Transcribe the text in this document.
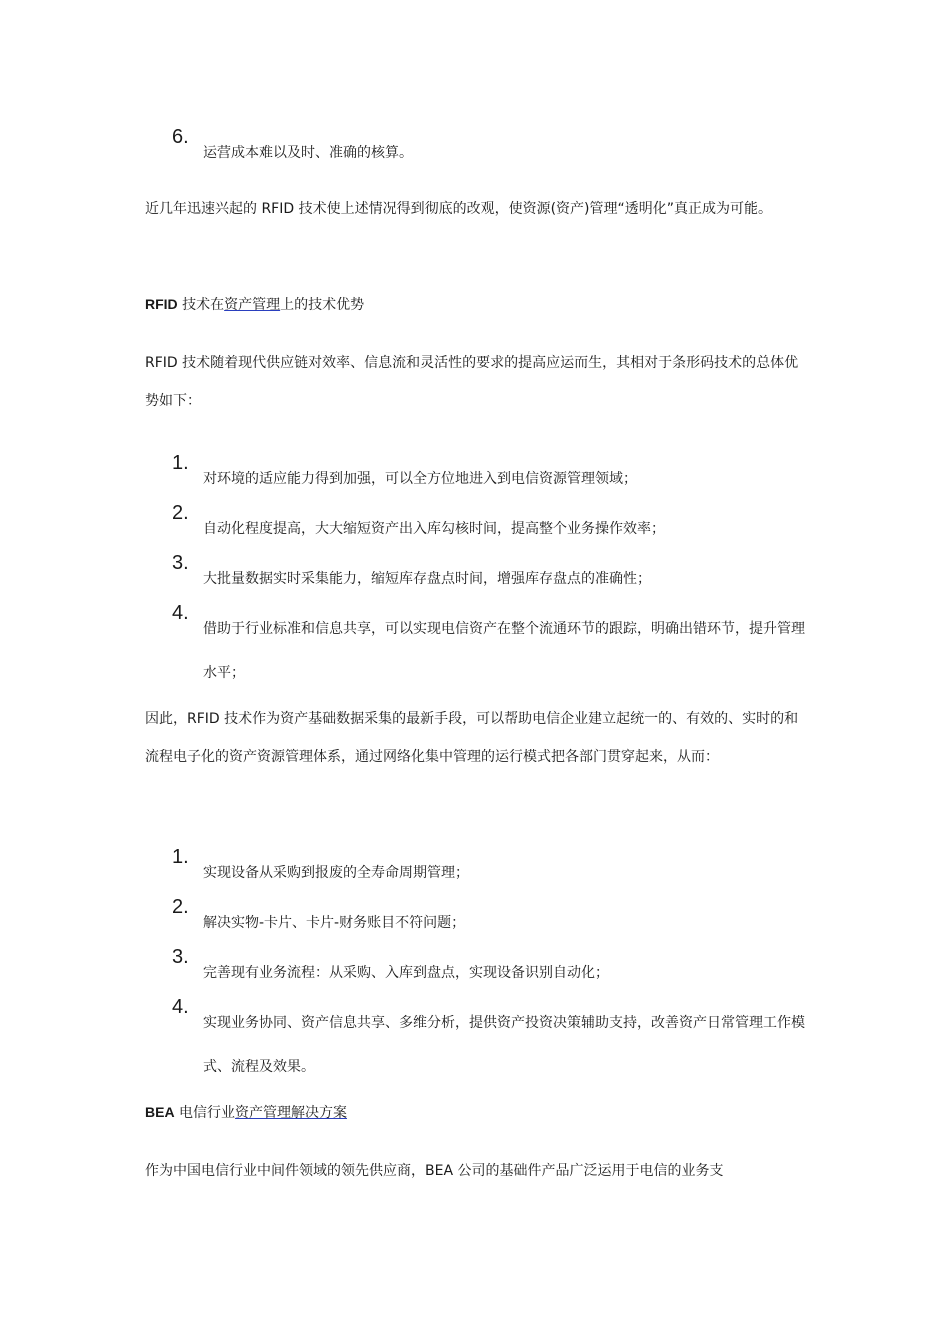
6.

运营成本难以及时、准确的核算。

近几年迅速兴起的 RFID 技术使上述情况得到彻底的改观，使资源(资产)管理“透明化”真正成为可能。

RFID 技术在资产管理上的技术优势

RFID 技术随着现代供应链对效率、信息流和灵活性的要求的提高应运而生，其相对于条形码技术的总体优势如下：

1.

对环境的适应能力得到加强，可以全方位地进入到电信资源管理领域；

2.

自动化程度提高，大大缩短资产出入库勾核时间，提高整个业务操作效率；

3.

大批量数据实时采集能力，缩短库存盘点时间，增强库存盘点的准确性；

4.

借助于行业标准和信息共享，可以实现电信资产在整个流通环节的跟踪，明确出错环节，提升管理水平；

因此，RFID 技术作为资产基础数据采集的最新手段，可以帮助电信企业建立起统一的、有效的、实时的和流程电子化的资产资源管理体系，通过网络化集中管理的运行模式把各部门贯穿起来，从而：

1.

实现设备从采购到报废的全寿命周期管理；

2.

解决实物-卡片、卡片-财务账目不符问题；

3.

完善现有业务流程：从采购、入库到盘点，实现设备识别自动化；

4.

实现业务协同、资产信息共享、多维分析，提供资产投资决策辅助支持，改善资产日常管理工作模式、流程及效果。

BEA 电信行业资产管理解决方案

作为中国电信行业中间件领域的领先供应商，BEA 公司的基础件产品广泛运用于电信的业务支
